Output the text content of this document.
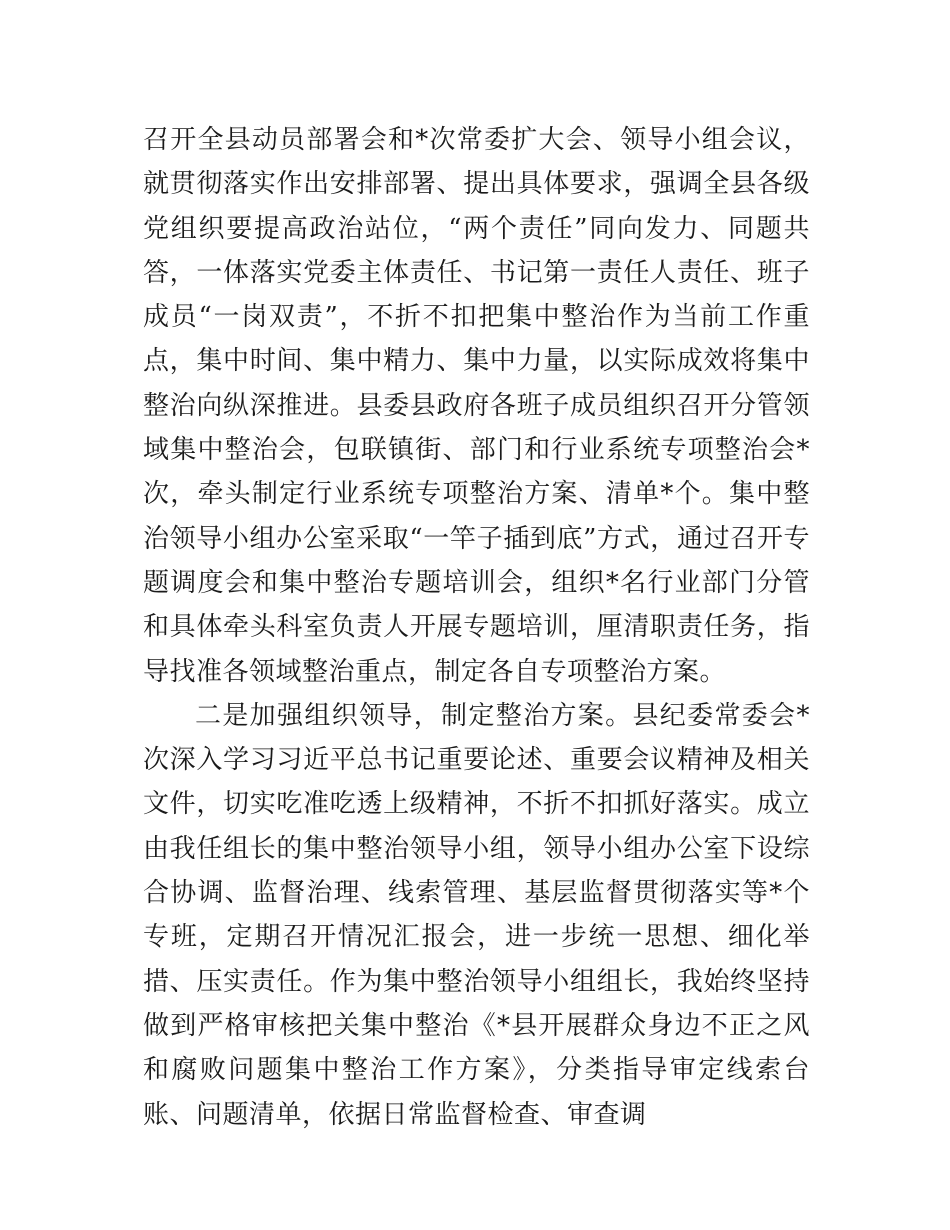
召开全县动员部署会和*次常委扩大会、领导小组会议，就贯彻落实作出安排部署、提出具体要求，强调全县各级党组织要提高政治站位，“两个责任”同向发力、同题共答，一体落实党委主体责任、书记第一责任人责任、班子成员“一岗双责”，不折不扣把集中整治作为当前工作重点，集中时间、集中精力、集中力量，以实际成效将集中整治向纵深推进。县委县政府各班子成员组织召开分管领域集中整治会，包联镇街、部门和行业系统专项整治会*次，牵头制定行业系统专项整治方案、清单*个。集中整治领导小组办公室采取“一竿子插到底”方式，通过召开专题调度会和集中整治专题培训会，组织*名行业部门分管和具体牵头科室负责人开展专题培训，厘清职责任务，指导找准各领域整治重点，制定各自专项整治方案。

二是加强组织领导，制定整治方案。县纪委常委会*次深入学习习近平总书记重要论述、重要会议精神及相关文件，切实吃准吃透上级精神，不折不扣抓好落实。成立由我任组长的集中整治领导小组，领导小组办公室下设综合协调、监督治理、线索管理、基层监督贯彻落实等*个专班，定期召开情况汇报会，进一步统一思想、细化举措、压实责任。作为集中整治领导小组组长，我始终坚持做到严格审核把关集中整治《*县开展群众身边不正之风和腐败问题集中整治工作方案》，分类指导审定线索台账、问题清单，依据日常监督检查、审查调
